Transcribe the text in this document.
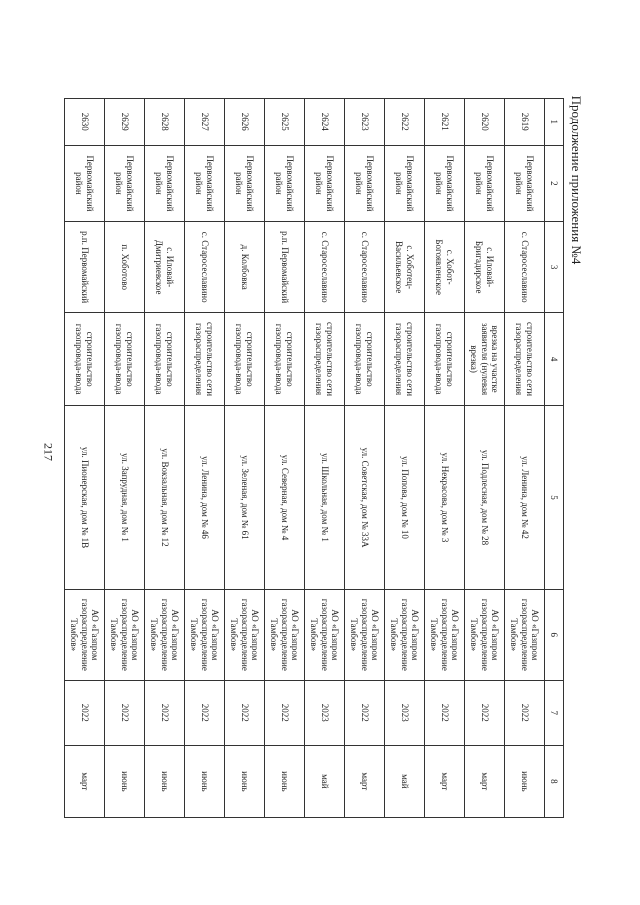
217
Продолжение приложения №4
1	2	3	4	5	6	7	8
2619	Первомайский район	с. Старосеславино	строительство сети газораспределения	ул. Ленина, дом № 42	АО «Газпром газораспределение Тамбов»	2022	июнь
2620	Первомайский район	с. Иловай-Бригадирское	врезка на участке заявителя (нулевая врезка)	ул. Подлесная, дом № 28	АО «Газпром газораспределение Тамбов»	2022	март
2621	Первомайский район	с. Хобот-Богоявленское	строительство газопровода-ввода	ул. Некрасова, дом № 3	АО «Газпром газораспределение Тамбов»	2022	март
2622	Первомайский район	с. Хоботец-Васильевское	строительство сети газораспределения	ул. Попова, дом № 10	АО «Газпром газораспределение Тамбов»	2023	май
2623	Первомайский район	с. Старосеславино	строительство газопровода-ввода	ул. Советская, дом № 33А	АО «Газпром газораспределение Тамбов»	2022	март
2624	Первомайский район	с. Старосеславино	строительство сети газораспределения	ул. Школьная, дом № 1	АО «Газпром газораспределение Тамбов»	2023	май
2625	Первомайский район	р.п. Первомайский	строительство газопровода-ввода	ул. Северная, дом № 4	АО «Газпром газораспределение Тамбов»	2022	июнь
2626	Первомайский район	д. Колбовка	строительство газопровода-ввода	ул. Зеленая, дом № 61	АО «Газпром газораспределение Тамбов»	2022	июнь
2627	Первомайский район	с. Старосеславино	строительство сети газораспределения	ул. Ленина, дом № 46	АО «Газпром газораспределение Тамбов»	2022	июнь
2628	Первомайский район	с. Иловай-Дмитриевское	строительство газопровода-ввода	ул. Вокзальная, дом № 12	АО «Газпром газораспределение Тамбов»	2022	июнь
2629	Первомайский район	п. Хоботово	строительство газопровода-ввода	ул. Запрудная, дом № 1	АО «Газпром газораспределение Тамбов»	2022	июнь
2630	Первомайский район	р.п. Первомайский	строительство газопровода-ввода	ул. Пионерская, дом № 1В	АО «Газпром газораспределение Тамбов»	2022	март
